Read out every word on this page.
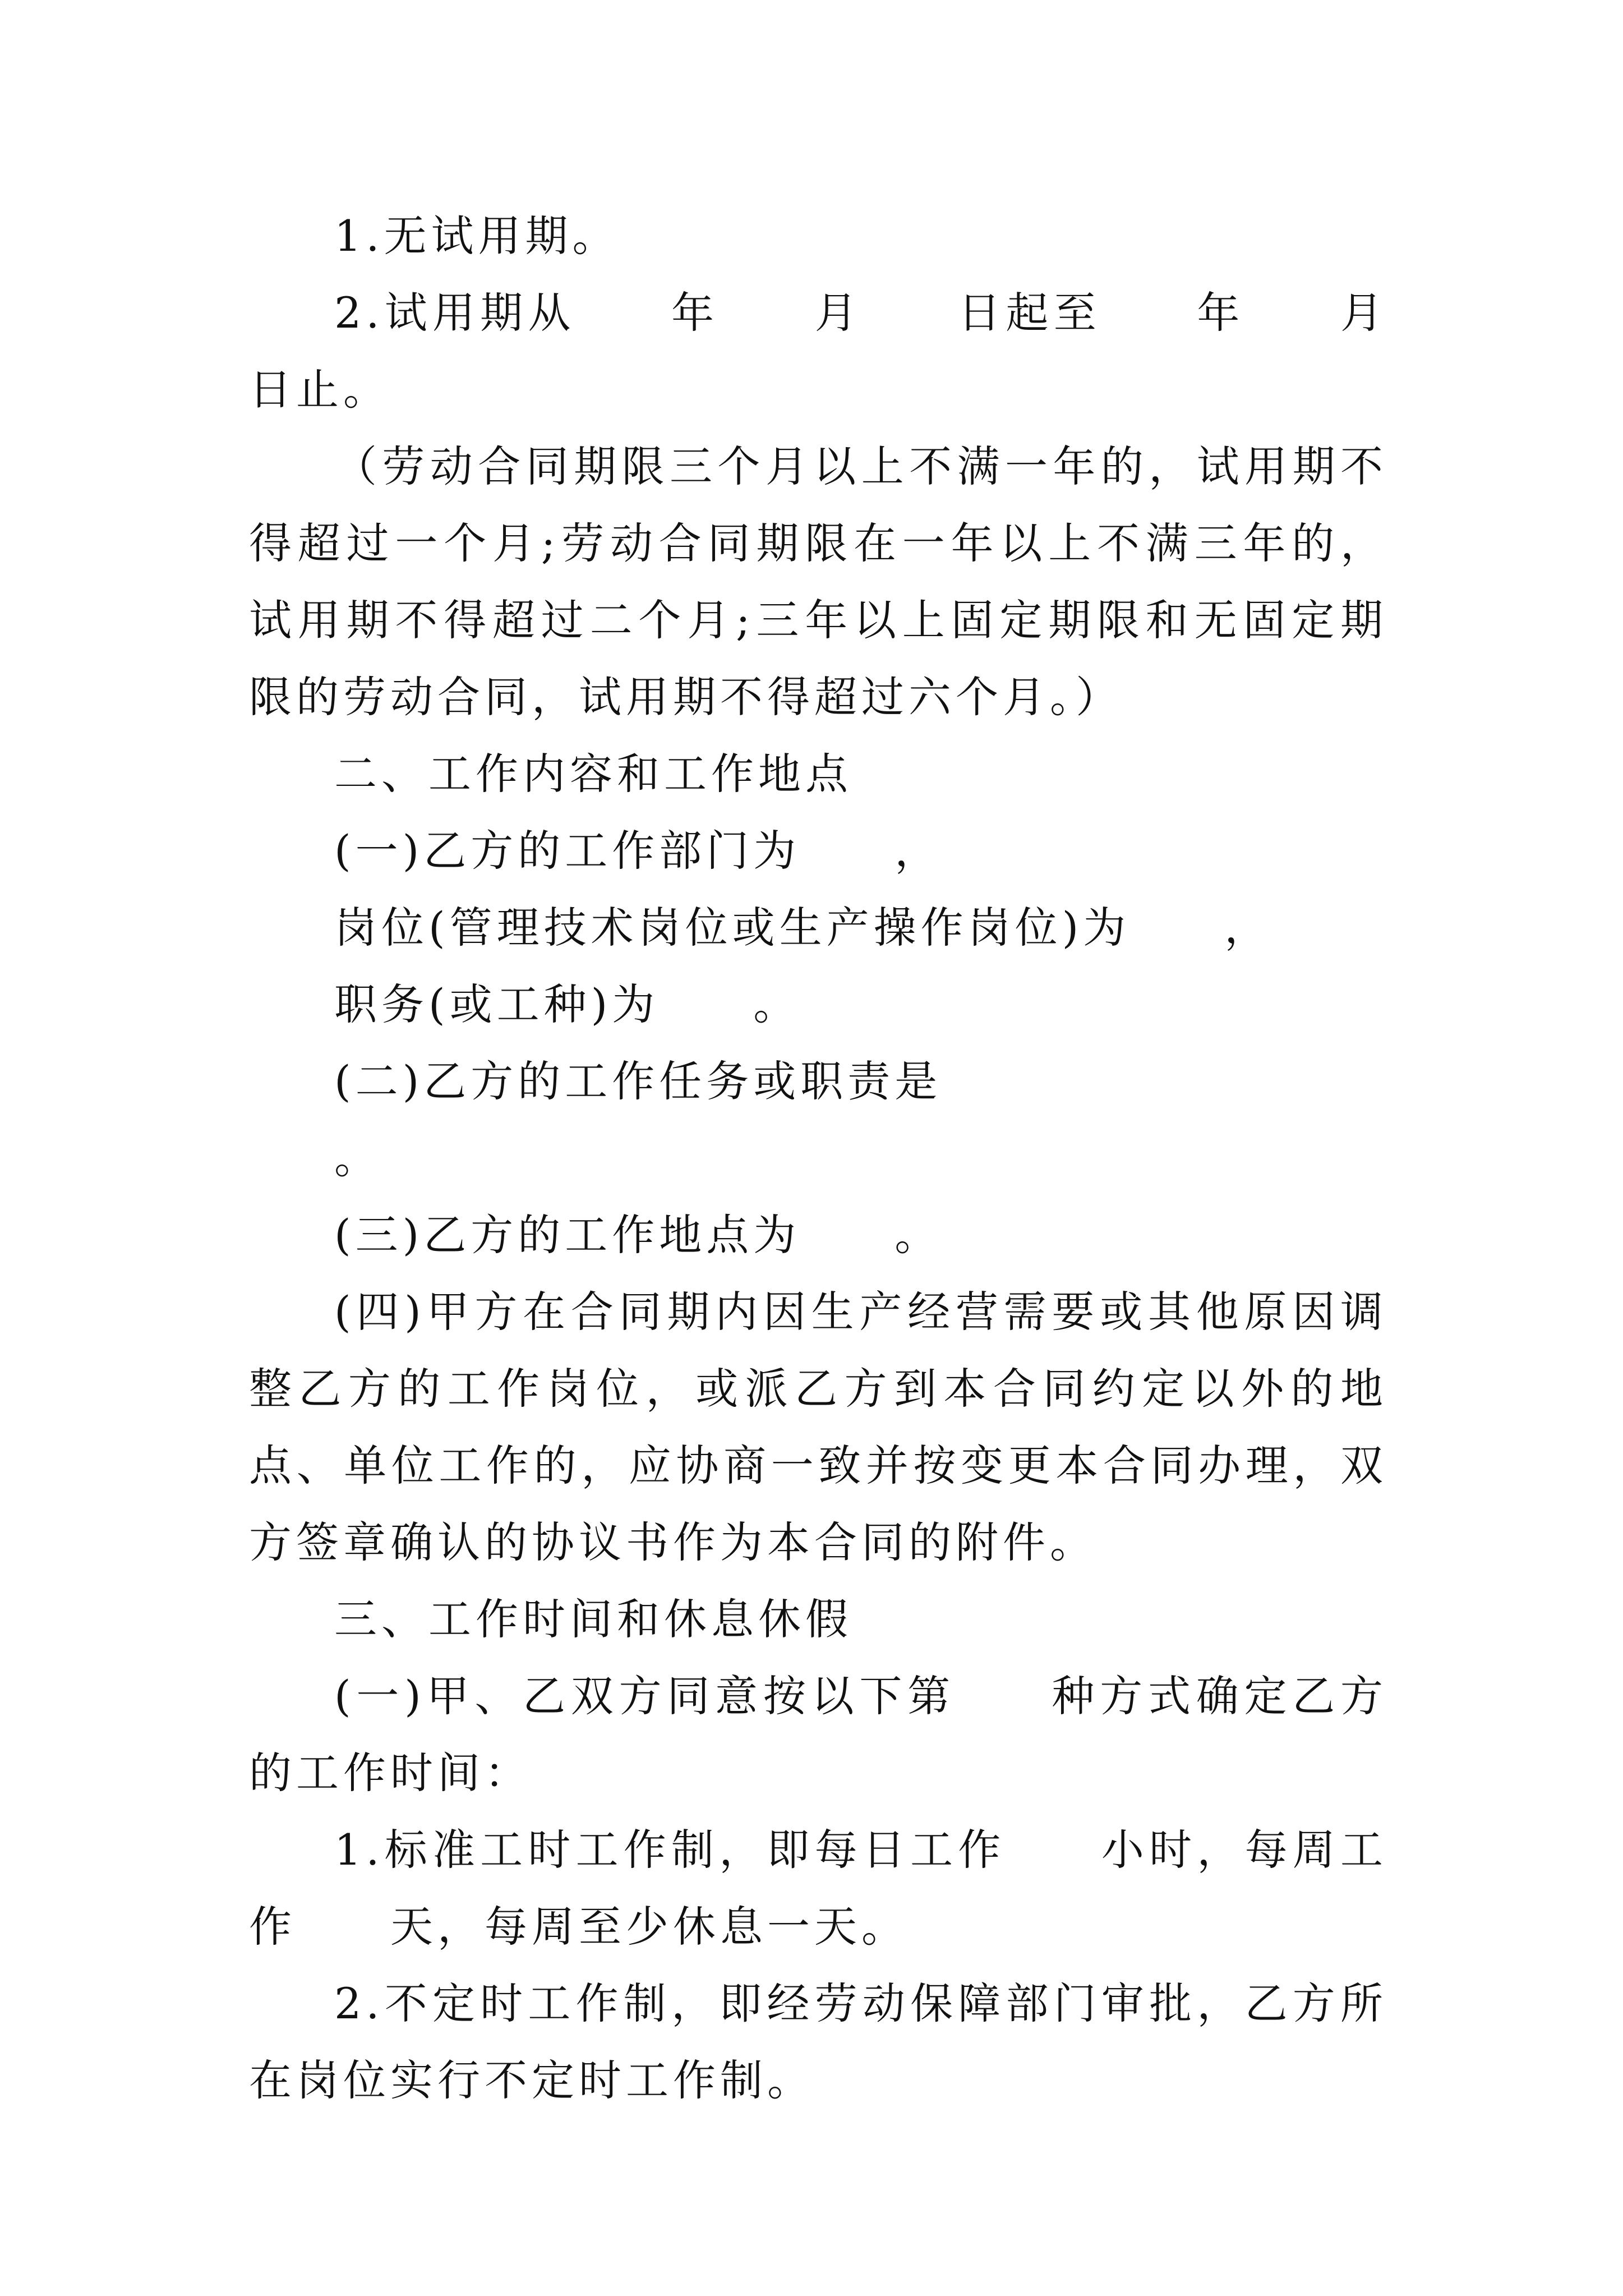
1.无试用期。

2.试用期从　　年　　月　　日起至　　年　　月　　日止。

（劳动合同期限三个月以上不满一年的，试用期不得超过一个月;劳动合同期限在一年以上不满三年的，试用期不得超过二个月;三年以上固定期限和无固定期限的劳动合同，试用期不得超过六个月。）

二、工作内容和工作地点

(一)乙方的工作部门为　　，

岗位(管理技术岗位或生产操作岗位)为　　，

职务(或工种)为　　。

(二)乙方的工作任务或职责是

。

(三)乙方的工作地点为　　。

(四)甲方在合同期内因生产经营需要或其他原因调整乙方的工作岗位，或派乙方到本合同约定以外的地点、单位工作的，应协商一致并按变更本合同办理，双方签章确认的协议书作为本合同的附件。

三、工作时间和休息休假

(一)甲、乙双方同意按以下第　　种方式确定乙方的工作时间：

1.标准工时工作制，即每日工作　　小时，每周工作　　天，每周至少休息一天。

2.不定时工作制，即经劳动保障部门审批，乙方所在岗位实行不定时工作制。
